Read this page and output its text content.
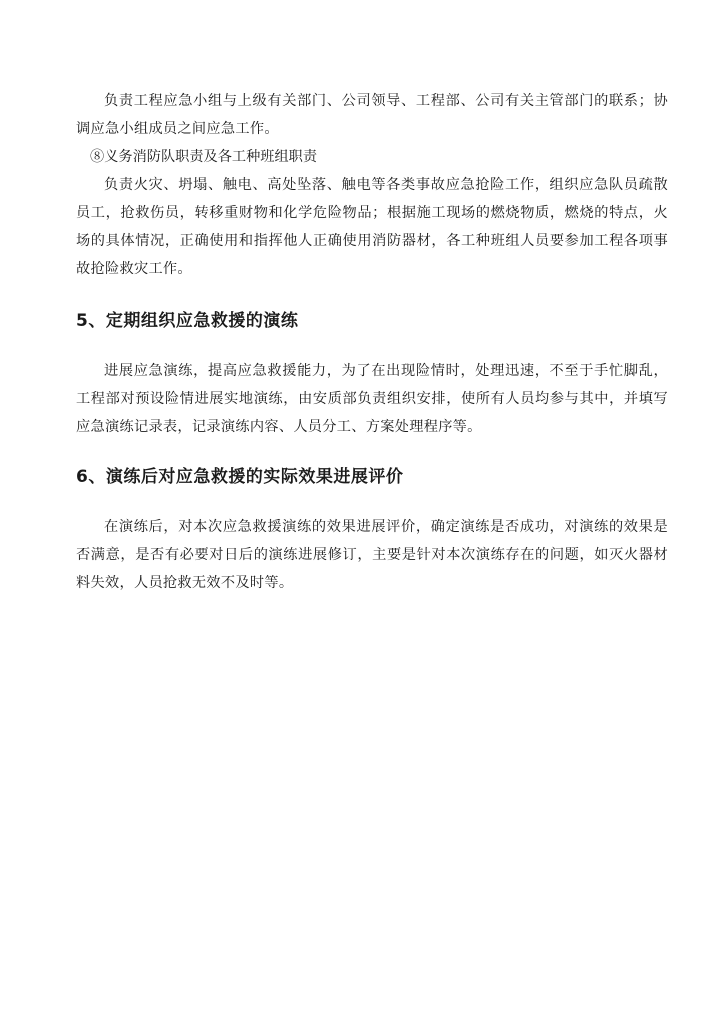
负责工程应急小组与上级有关部门、公司领导、工程部、公司有关主管部门的联系；协调应急小组成员之间应急工作。

⑧义务消防队职责及各工种班组职责

负责火灾、坍塌、触电、高处坠落、触电等各类事故应急抢险工作，组织应急队员疏散员工，抢救伤员，转移重财物和化学危险物品；根据施工现场的燃烧物质，燃烧的特点，火场的具体情况，正确使用和指挥他人正确使用消防器材，各工种班组人员要参加工程各项事故抢险救灾工作。

5、定期组织应急救援的演练

进展应急演练，提高应急救援能力，为了在出现险情时，处理迅速，不至于手忙脚乱，工程部对预设险情进展实地演练，由安质部负责组织安排，使所有人员均参与其中，并填写应急演练记录表，记录演练内容、人员分工、方案处理程序等。

6、演练后对应急救援的实际效果进展评价

在演练后，对本次应急救援演练的效果进展评价，确定演练是否成功，对演练的效果是否满意，是否有必要对日后的演练进展修订，主要是针对本次演练存在的问题，如灭火器材料失效，人员抢救无效不及时等。
